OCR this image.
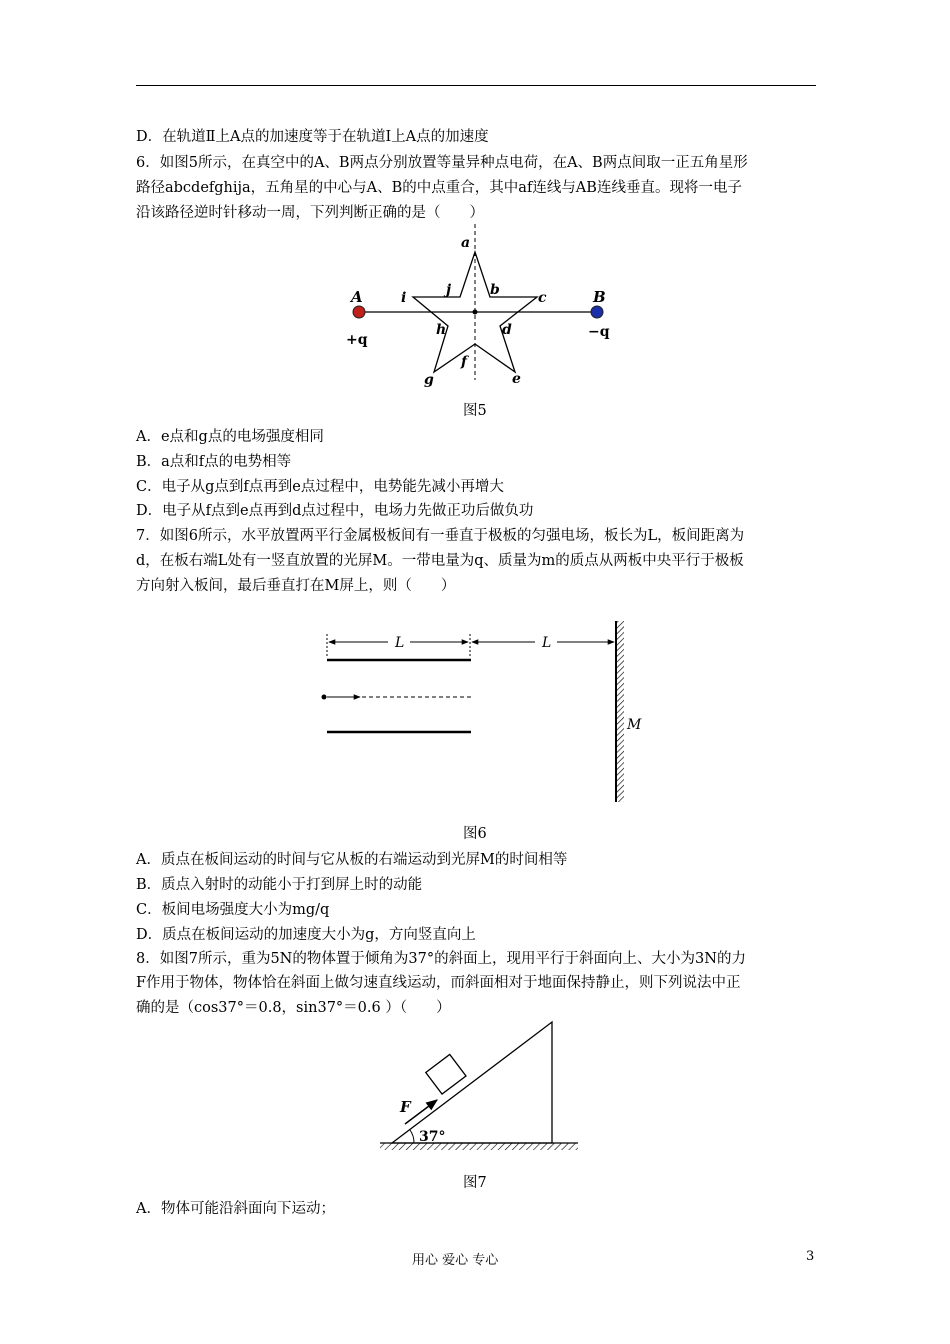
D．在轨道Ⅱ上A点的加速度等于在轨道Ⅰ上A点的加速度
6．如图5所示，在真空中的A、B两点分别放置等量异种点电荷，在A、B两点间取一正五角星形
路径abcdefghija，五角星的中心与A、B的中点重合，其中af连线与AB连线垂直。现将一电子
沿该路径逆时针移动一周，下列判断正确的是（　　）
a
j	b
i	c
h	d
f
g	e
A	B
+q	−q
图5
A．e点和g点的电场强度相同
B．a点和f点的电势相等
C．电子从g点到f点再到e点过程中，电势能先减小再增大
D．电子从f点到e点再到d点过程中，电场力先做正功后做负功
7．如图6所示，水平放置两平行金属极板间有一垂直于极板的匀强电场，板长为L，板间距离为
d，在板右端L处有一竖直放置的光屏M。一带电量为q、质量为m的质点从两板中央平行于极板
方向射入板间，最后垂直打在M屏上，则（　　）
L	L
M
图6
A．质点在板间运动的时间与它从板的右端运动到光屏M的时间相等
B．质点入射时的动能小于打到屏上时的动能
C．板间电场强度大小为mg/q
D．质点在板间运动的加速度大小为g，方向竖直向上
8．如图7所示，重为5N的物体置于倾角为37°的斜面上，现用平行于斜面向上、大小为3N的力
F作用于物体，物体恰在斜面上做匀速直线运动，而斜面相对于地面保持静止，则下列说法中正
确的是（cos37°＝0.8，sin37°＝0.6 ）（　　）
F
37°
图7
A．物体可能沿斜面向下运动；
用心 爱心 专心	3
